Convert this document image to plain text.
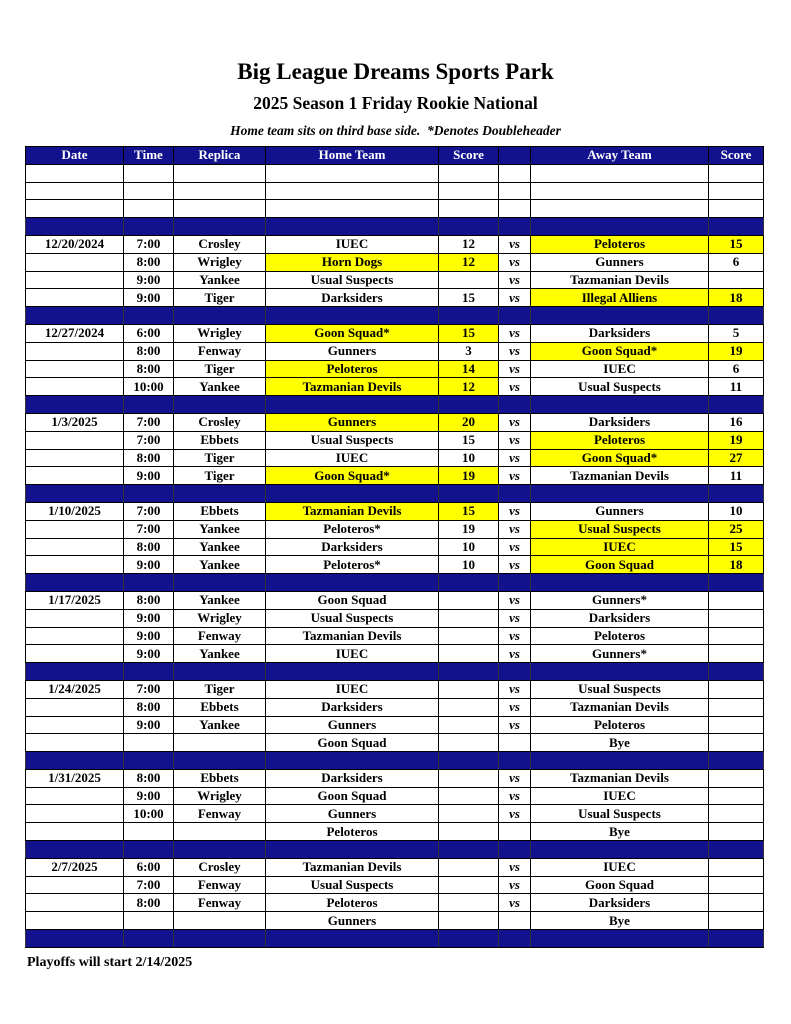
Big League Dreams Sports Park
2025 Season 1 Friday Rookie National
Home team sits on third base side.  *Denotes Doubleheader
Date	Time	Replica	Home Team	Score		Away Team	Score

12/20/2024	7:00	Crosley	IUEC	12	vs	Peloteros	15
	8:00	Wrigley	Horn Dogs	12	vs	Gunners	6
	9:00	Yankee	Usual Suspects		vs	Tazmanian Devils	
	9:00	Tiger	Darksiders	15	vs	Illegal Alliens	18

12/27/2024	6:00	Wrigley	Goon Squad*	15	vs	Darksiders	5
	8:00	Fenway	Gunners	3	vs	Goon Squad*	19
	8:00	Tiger	Peloteros	14	vs	IUEC	6
	10:00	Yankee	Tazmanian Devils	12	vs	Usual Suspects	11

1/3/2025	7:00	Crosley	Gunners	20	vs	Darksiders	16
	7:00	Ebbets	Usual Suspects	15	vs	Peloteros	19
	8:00	Tiger	IUEC	10	vs	Goon Squad*	27
	9:00	Tiger	Goon Squad*	19	vs	Tazmanian Devils	11

1/10/2025	7:00	Ebbets	Tazmanian Devils	15	vs	Gunners	10
	7:00	Yankee	Peloteros*	19	vs	Usual Suspects	25
	8:00	Yankee	Darksiders	10	vs	IUEC	15
	9:00	Yankee	Peloteros*	10	vs	Goon Squad	18

1/17/2025	8:00	Yankee	Goon Squad		vs	Gunners*	
	9:00	Wrigley	Usual Suspects		vs	Darksiders	
	9:00	Fenway	Tazmanian Devils		vs	Peloteros	
	9:00	Yankee	IUEC		vs	Gunners*	

1/24/2025	7:00	Tiger	IUEC		vs	Usual Suspects	
	8:00	Ebbets	Darksiders		vs	Tazmanian Devils	
	9:00	Yankee	Gunners		vs	Peloteros	
			Goon Squad			Bye	

1/31/2025	8:00	Ebbets	Darksiders		vs	Tazmanian Devils	
	9:00	Wrigley	Goon Squad		vs	IUEC	
	10:00	Fenway	Gunners		vs	Usual Suspects	
			Peloteros			Bye	

2/7/2025	6:00	Crosley	Tazmanian Devils		vs	IUEC	
	7:00	Fenway	Usual Suspects		vs	Goon Squad	
	8:00	Fenway	Peloteros		vs	Darksiders	
			Gunners			Bye	

Playoffs will start 2/14/2025
